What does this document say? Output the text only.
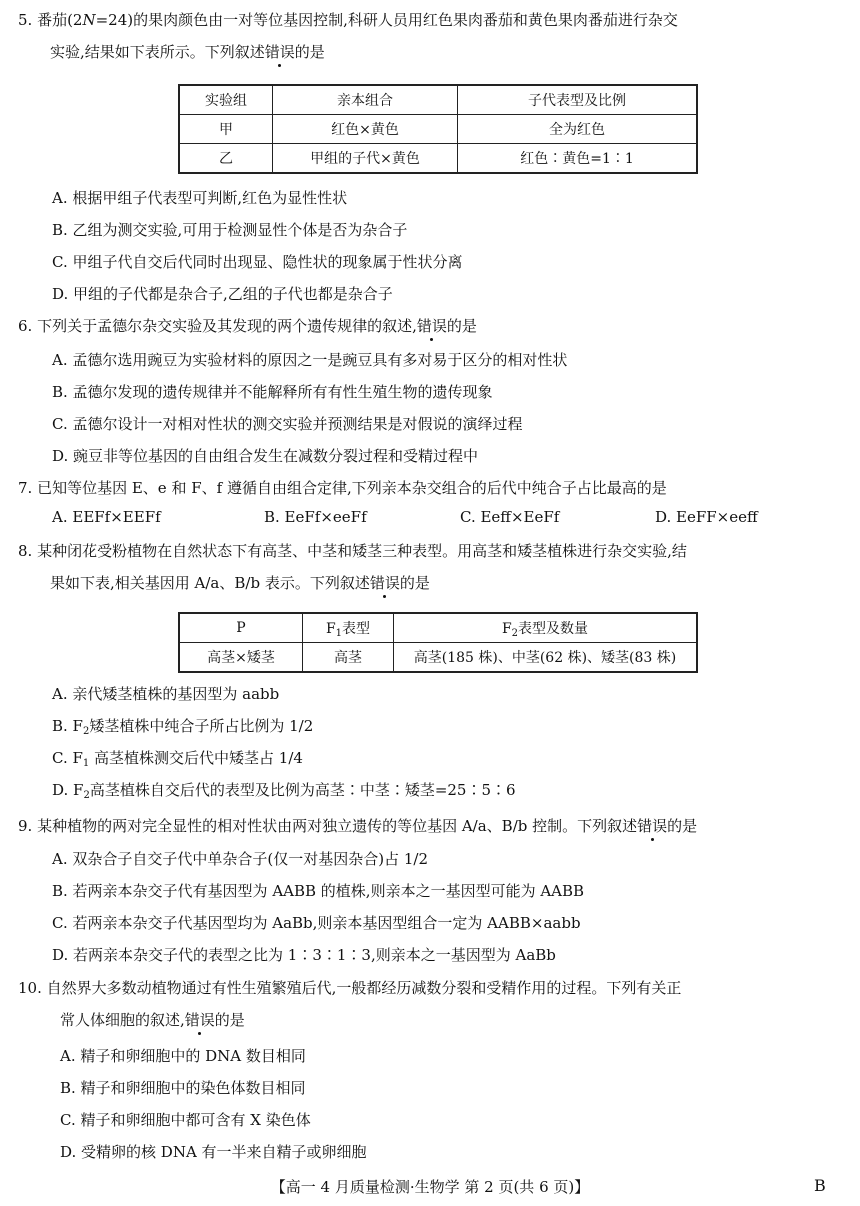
5. 番茄(2N=24)的果肉颜色由一对等位基因控制,科研人员用红色果肉番茄和黄色果肉番茄进行杂交
实验,结果如下表所示。下列叙述错误的是
实验组	亲本组合	子代表型及比例
甲	红色×黄色	全为红色
乙	甲组的子代×黄色	红色∶黄色=1∶1
A. 根据甲组子代表型可判断,红色为显性性状
B. 乙组为测交实验,可用于检测显性个体是否为杂合子
C. 甲组子代自交后代同时出现显、隐性状的现象属于性状分离
D. 甲组的子代都是杂合子,乙组的子代也都是杂合子
6. 下列关于孟德尔杂交实验及其发现的两个遗传规律的叙述,错误的是
A. 孟德尔选用豌豆为实验材料的原因之一是豌豆具有多对易于区分的相对性状
B. 孟德尔发现的遗传规律并不能解释所有有性生殖生物的遗传现象
C. 孟德尔设计一对相对性状的测交实验并预测结果是对假说的演绎过程
D. 豌豆非等位基因的自由组合发生在减数分裂过程和受精过程中
7. 已知等位基因 E、e 和 F、f 遵循自由组合定律,下列亲本杂交组合的后代中纯合子占比最高的是
A. EEFf×EEFf	B. EeFf×eeFf	C. Eeff×EeFf	D. EeFF×eeff
8. 某种闭花受粉植物在自然状态下有高茎、中茎和矮茎三种表型。用高茎和矮茎植株进行杂交实验,结
果如下表,相关基因用 A/a、B/b 表示。下列叙述错误的是
P	$F_1$表型	$F_2$表型及数量
高茎×矮茎	高茎	高茎(185 株)、中茎(62 株)、矮茎(83 株)
A. 亲代矮茎植株的基因型为 aabb
B. $F_2$矮茎植株中纯合子所占比例为 1/2
C. $F_1$ 高茎植株测交后代中矮茎占 1/4
D. $F_2$高茎植株自交后代的表型及比例为高茎∶中茎∶矮茎=25∶5∶6
9. 某种植物的两对完全显性的相对性状由两对独立遗传的等位基因 A/a、B/b 控制。下列叙述错误的是
A. 双杂合子自交子代中单杂合子(仅一对基因杂合)占 1/2
B. 若两亲本杂交子代有基因型为 AABB 的植株,则亲本之一基因型可能为 AABB
C. 若两亲本杂交子代基因型均为 AaBb,则亲本基因型组合一定为 AABB×aabb
D. 若两亲本杂交子代的表型之比为 1∶3∶1∶3,则亲本之一基因型为 AaBb
10. 自然界大多数动植物通过有性生殖繁殖后代,一般都经历减数分裂和受精作用的过程。下列有关正
常人体细胞的叙述,错误的是
A. 精子和卵细胞中的 DNA 数目相同
B. 精子和卵细胞中的染色体数目相同
C. 精子和卵细胞中都可含有 X 染色体
D. 受精卵的核 DNA 有一半来自精子或卵细胞
【高一 4 月质量检测·生物学 第 2 页(共 6 页)】	B
